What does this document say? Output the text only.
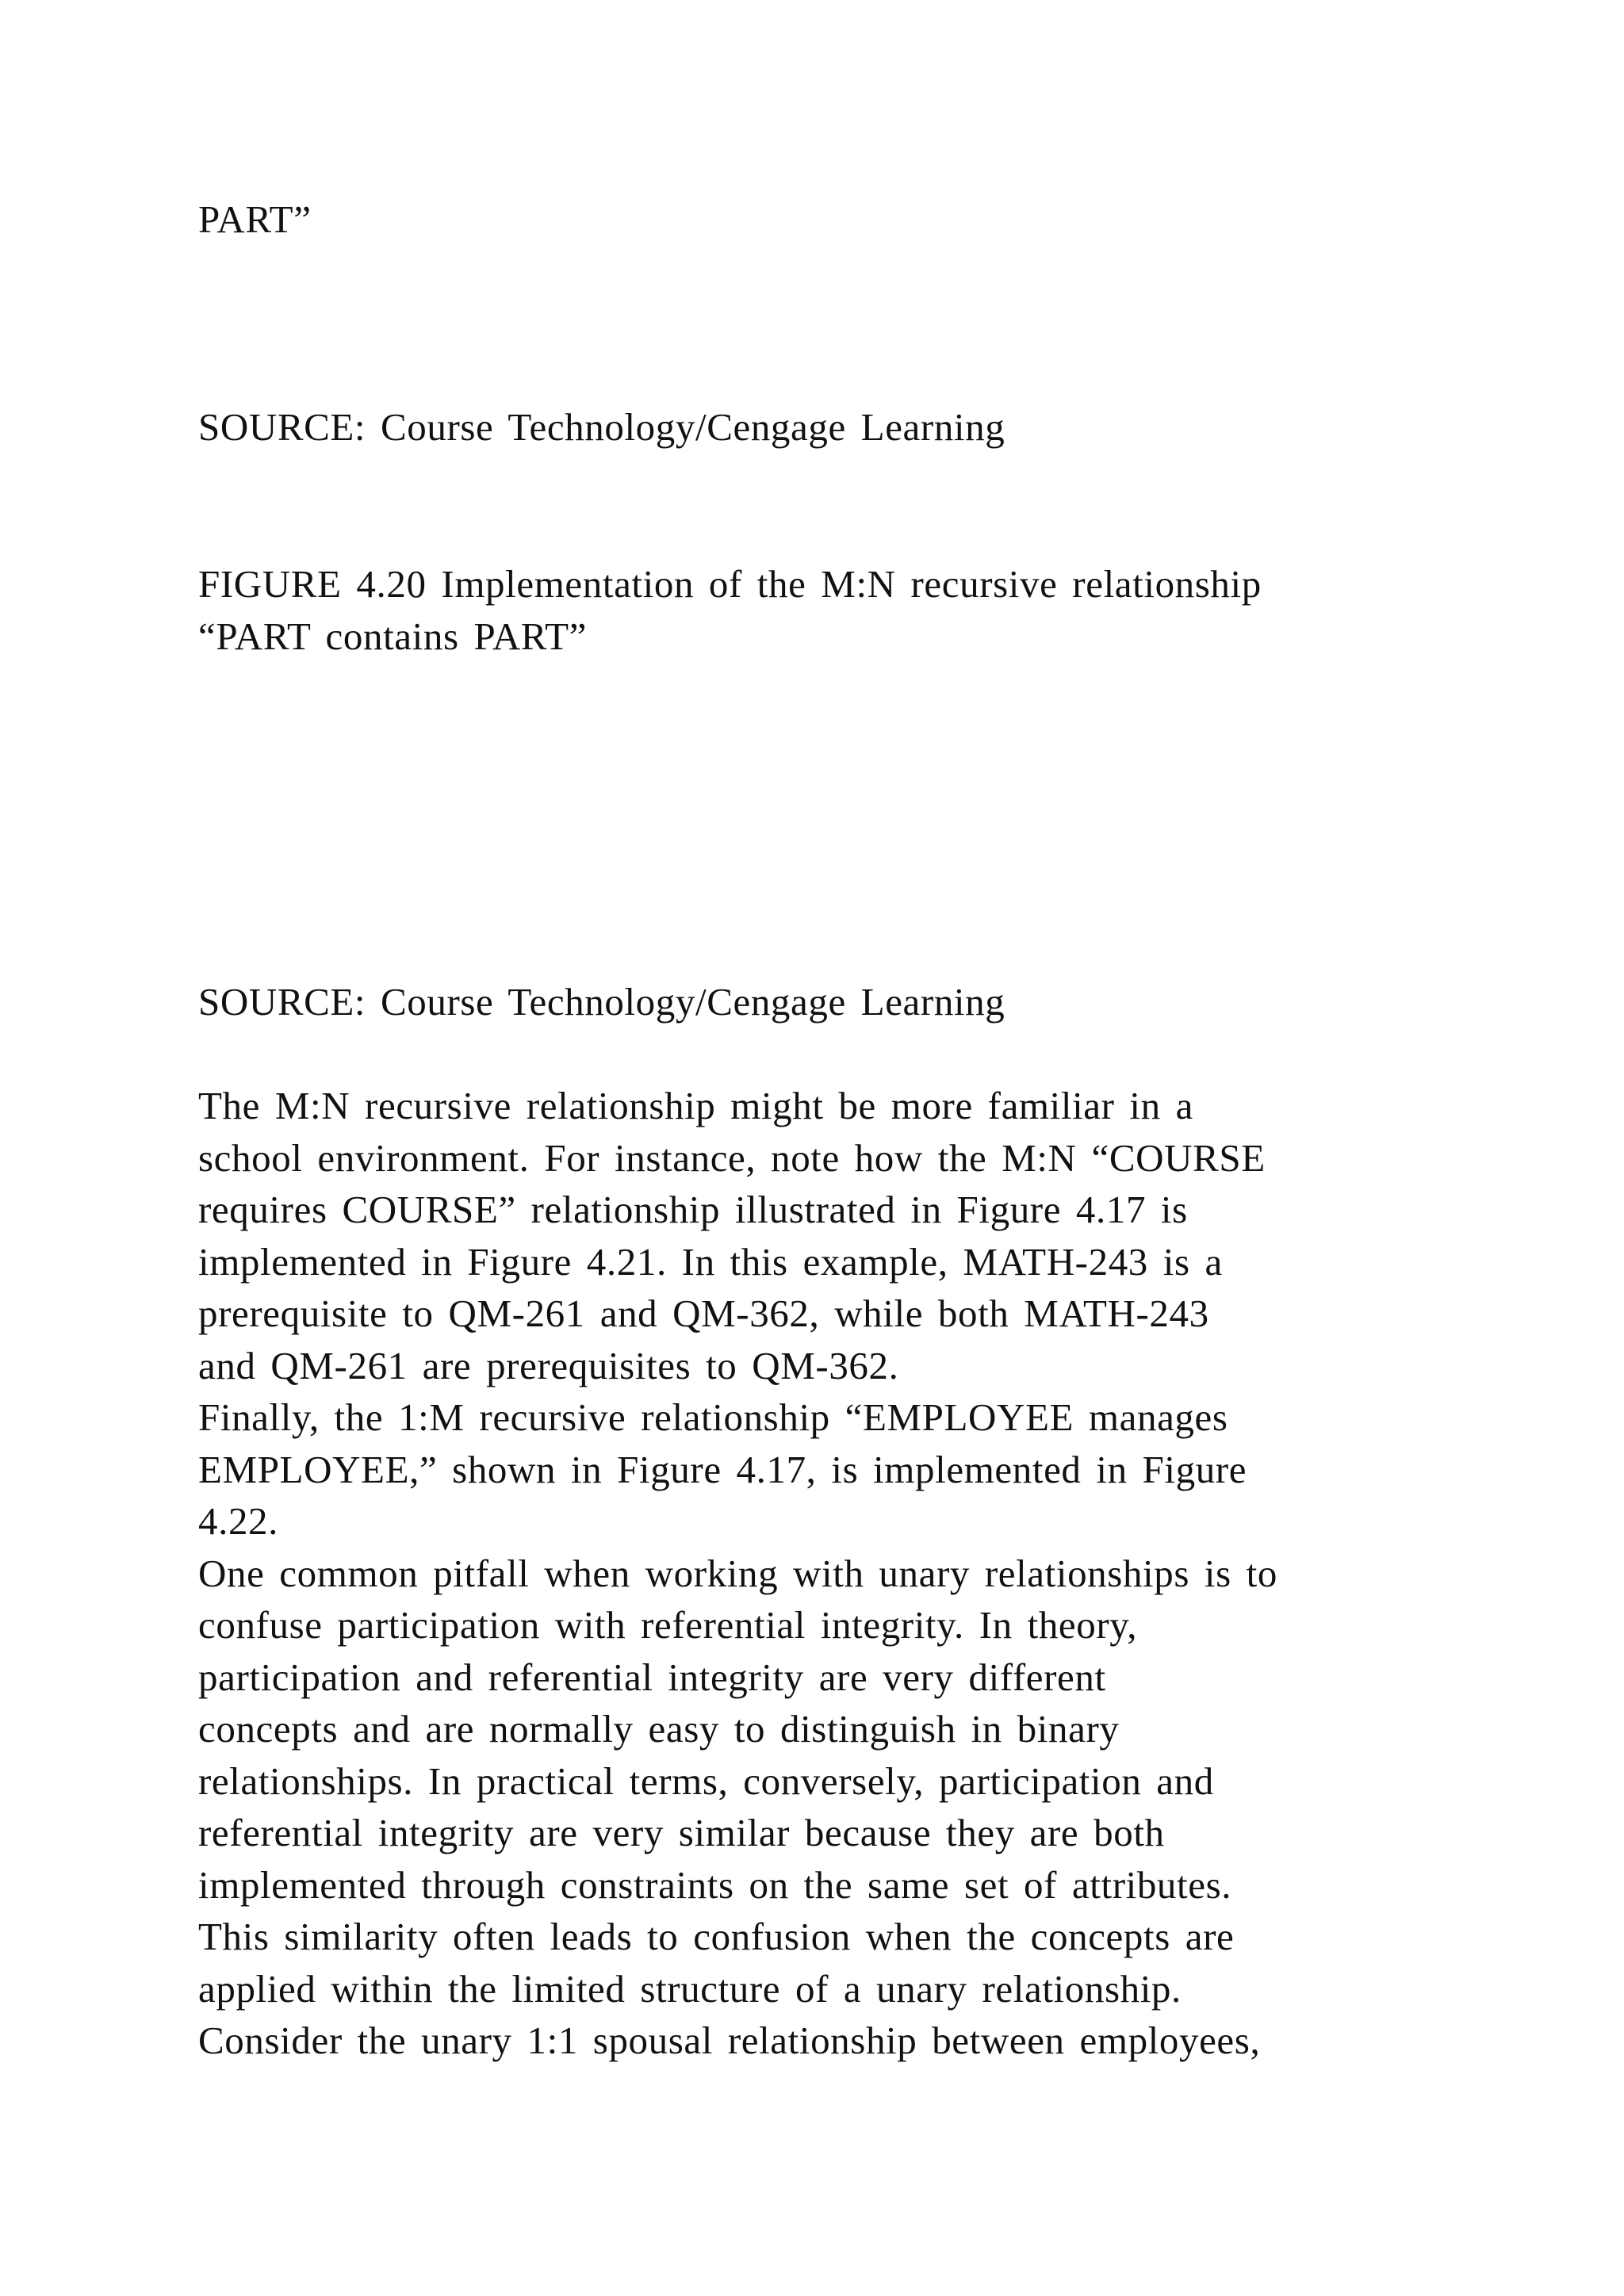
PART”
SOURCE: Course Technology/Cengage Learning
FIGURE 4.20 Implementation of the M:N recursive relationship
“PART contains PART”
SOURCE: Course Technology/Cengage Learning
The M:N recursive relationship might be more familiar in a
school environment. For instance, note how the M:N “COURSE
requires COURSE” relationship illustrated in Figure 4.17 is
implemented in Figure 4.21. In this example, MATH-243 is a
prerequisite to QM-261 and QM-362, while both MATH-243
and QM-261 are prerequisites to QM-362.
Finally, the 1:M recursive relationship “EMPLOYEE manages
EMPLOYEE,” shown in Figure 4.17, is implemented in Figure
4.22.
One common pitfall when working with unary relationships is to
confuse participation with referential integrity. In theory,
participation and referential integrity are very different
concepts and are normally easy to distinguish in binary
relationships. In practical terms, conversely, participation and
referential integrity are very similar because they are both
implemented through constraints on the same set of attributes.
This similarity often leads to confusion when the concepts are
applied within the limited structure of a unary relationship.
Consider the unary 1:1 spousal relationship between employees,
